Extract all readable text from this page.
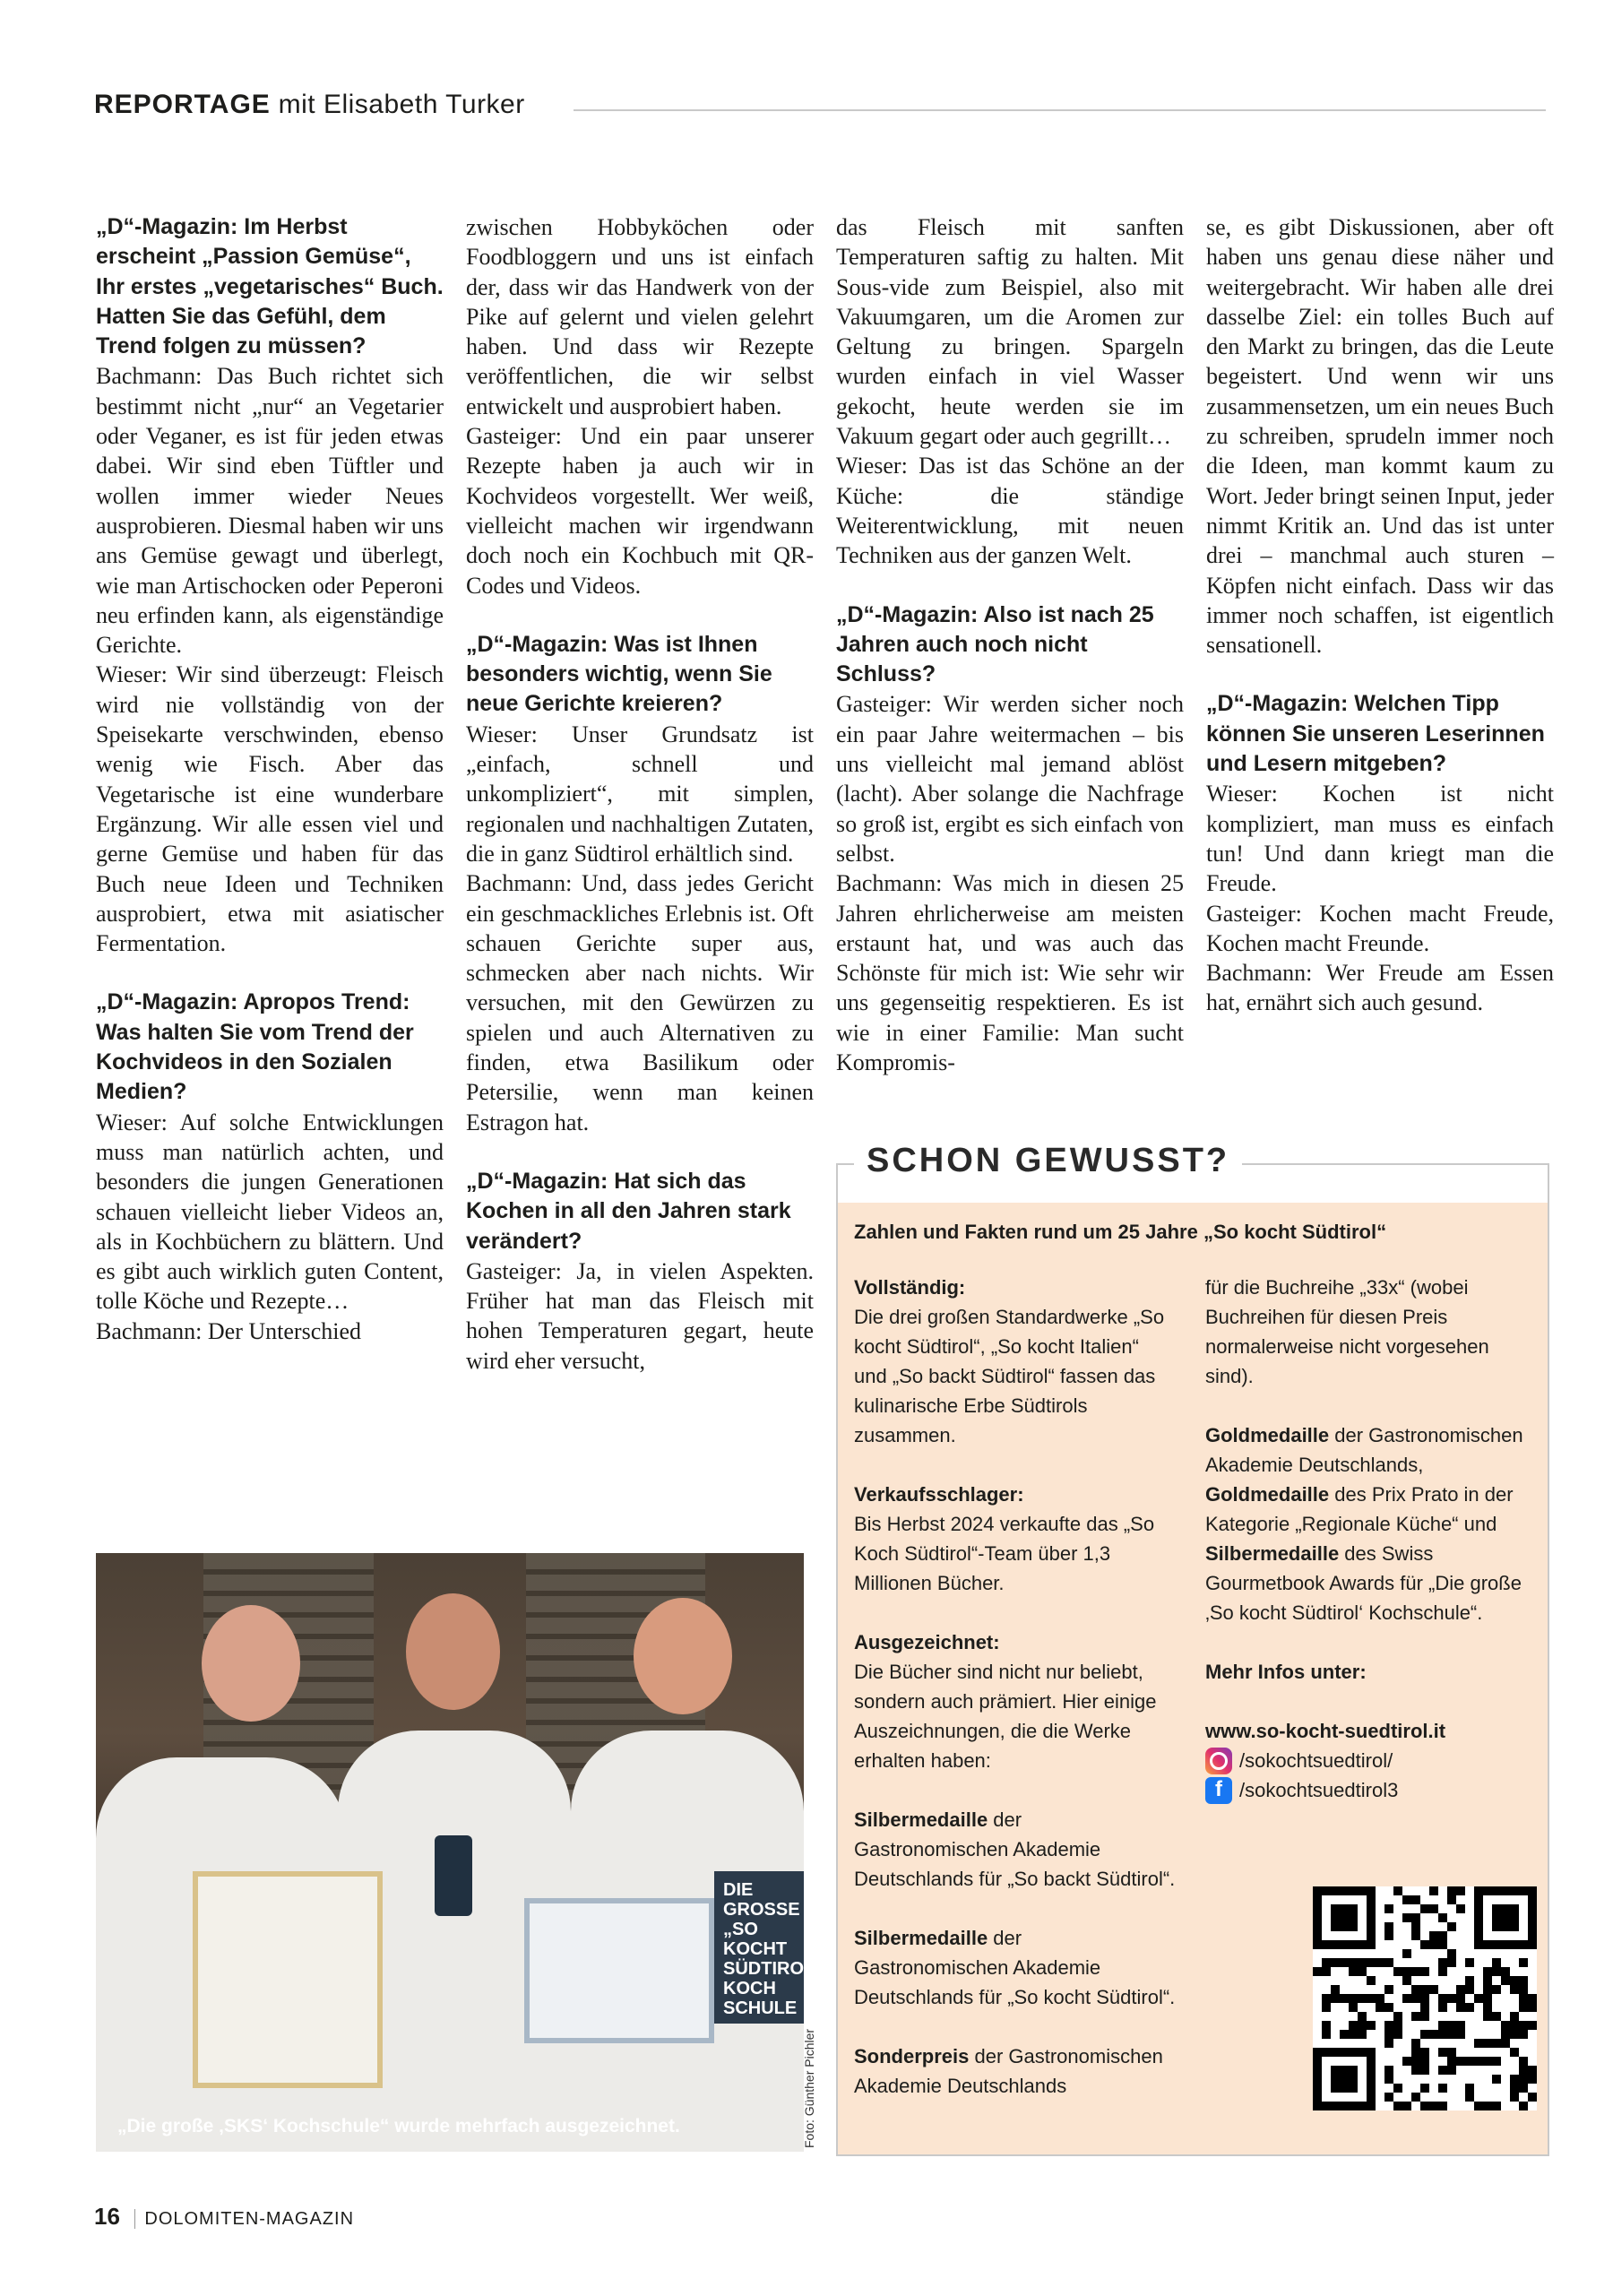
REPORTAGE mit Elisabeth Turker

„D“-Magazin: Im Herbst erscheint „Passion Gemüse“, Ihr erstes „vegetarisches“ Buch. Hatten Sie das Gefühl, dem Trend folgen zu müssen?

Bachmann: Das Buch richtet sich bestimmt nicht „nur“ an Vegetarier oder Veganer, es ist für jeden etwas dabei. Wir sind eben Tüftler und wollen immer wieder Neues ausprobieren. Diesmal haben wir uns ans Gemüse gewagt und überlegt, wie man Artischocken oder Peperoni neu erfinden kann, als eigenständige Gerichte.

Wieser: Wir sind überzeugt: Fleisch wird nie vollständig von der Speisekarte verschwinden, ebenso wenig wie Fisch. Aber das Vegetarische ist eine wunderbare Ergänzung. Wir alle essen viel und gerne Gemüse und haben für das Buch neue Ideen und Techniken ausprobiert, etwa mit asiatischer Fermentation.

„D“-Magazin: Apropos Trend: Was halten Sie vom Trend der Kochvideos in den Sozialen Medien?

Wieser: Auf solche Entwicklungen muss man natürlich achten, und besonders die jungen Generationen schauen vielleicht lieber Videos an, als in Kochbüchern zu blättern. Und es gibt auch wirklich guten Content, tolle Köche und Rezepte…

Bachmann: Der Unterschied

zwischen Hobbyköchen oder Foodbloggern und uns ist einfach der, dass wir das Handwerk von der Pike auf gelernt und vielen gelehrt haben. Und dass wir Rezepte veröffentlichen, die wir selbst entwickelt und ausprobiert haben.

Gasteiger: Und ein paar unserer Rezepte haben ja auch wir in Kochvideos vorgestellt. Wer weiß, vielleicht machen wir irgendwann doch noch ein Kochbuch mit QR-Codes und Videos.

„D“-Magazin: Was ist Ihnen besonders wichtig, wenn Sie neue Gerichte kreieren?

Wieser: Unser Grundsatz ist „einfach, schnell und unkompliziert“, mit simplen, regionalen und nachhaltigen Zutaten, die in ganz Südtirol erhältlich sind.

Bachmann: Und, dass jedes Gericht ein geschmackliches Erlebnis ist. Oft schauen Gerichte super aus, schmecken aber nach nichts. Wir versuchen, mit den Gewürzen zu spielen und auch Alternativen zu finden, etwa Basilikum oder Petersilie, wenn man keinen Estragon hat.

„D“-Magazin: Hat sich das Kochen in all den Jahren stark verändert?

Gasteiger: Ja, in vielen Aspekten. Früher hat man das Fleisch mit hohen Temperaturen gegart, heute wird eher versucht,

das Fleisch mit sanften Temperaturen saftig zu halten. Mit Sous-vide zum Beispiel, also mit Vakuumgaren, um die Aromen zur Geltung zu bringen. Spargeln wurden einfach in viel Wasser gekocht, heute werden sie im Vakuum gegart oder auch gegrillt…

Wieser: Das ist das Schöne an der Küche: die ständige Weiterentwicklung, mit neuen Techniken aus der ganzen Welt.

„D“-Magazin: Also ist nach 25 Jahren auch noch nicht Schluss?

Gasteiger: Wir werden sicher noch ein paar Jahre weitermachen – bis uns vielleicht mal jemand ablöst (lacht). Aber solange die Nachfrage so groß ist, ergibt es sich einfach von selbst.

Bachmann: Was mich in diesen 25 Jahren ehrlicherweise am meisten erstaunt hat, und was auch das Schönste für mich ist: Wie sehr wir uns gegenseitig respektieren. Es ist wie in einer Familie: Man sucht Kompromis-

se, es gibt Diskussionen, aber oft haben uns genau diese näher und weitergebracht. Wir haben alle drei dasselbe Ziel: ein tolles Buch auf den Markt zu bringen, das die Leute begeistert. Und wenn wir uns zusammensetzen, um ein neues Buch zu schreiben, sprudeln immer noch die Ideen, man kommt kaum zu Wort. Jeder bringt seinen Input, jeder nimmt Kritik an. Und das ist unter drei – manchmal auch sturen – Köpfen nicht einfach. Dass wir das immer noch schaffen, ist eigentlich sensationell.

„D“-Magazin: Welchen Tipp können Sie unseren Leserinnen und Lesern mitgeben?

Wieser: Kochen ist nicht kompliziert, man muss es einfach tun! Und dann kriegt man die Freude.

Gasteiger: Kochen macht Freude, Kochen macht Freunde.

Bachmann: Wer Freude am Essen hat, ernährt sich auch gesund.

DIE GROSSE „SO KOCHT SÜDTIROL“ KOCH SCHULE
„Die große ‚SKS‘ Kochschule“ wurde mehrfach ausgezeichnet.	Foto: Günther Pichler
SCHON GEWUSST?
Zahlen und Fakten rund um 25 Jahre „So kocht Südtirol“

Vollständig:
Die drei großen Standardwerke „So kocht Südtirol“, „So kocht Italien“ und „So backt Südtirol“ fassen das kulinarische Erbe Südtirols zusammen.

Verkaufsschlager:
Bis Herbst 2024 verkaufte das „So Koch Südtirol“-Team über 1,3 Millionen Bücher.

Ausgezeichnet:
Die Bücher sind nicht nur beliebt, sondern auch prämiert. Hier einige Auszeichnungen, die die Werke erhalten haben:

Silbermedaille der Gastronomischen Akademie Deutschlands für „So backt Südtirol“.

Silbermedaille der Gastronomischen Akademie Deutschlands für „So kocht Südtirol“.

Sonderpreis der Gastronomischen Akademie Deutschlands

für die Buchreihe „33x“ (wobei Buchreihen für diesen Preis normalerweise nicht vorgesehen sind).

Goldmedaille der Gastronomischen Akademie Deutschlands,
Goldmedaille des Prix Prato in der Kategorie „Regionale Küche“ und Silbermedaille des Swiss Gourmetbook Awards für „Die große ‚So kocht Südtirol‘ Kochschule“.

Mehr Infos unter:

www.so-kocht-suedtirol.it
/sokochtsuedtirol/
f /sokochtsuedtirol3
16 DOLOMITEN-MAGAZIN
